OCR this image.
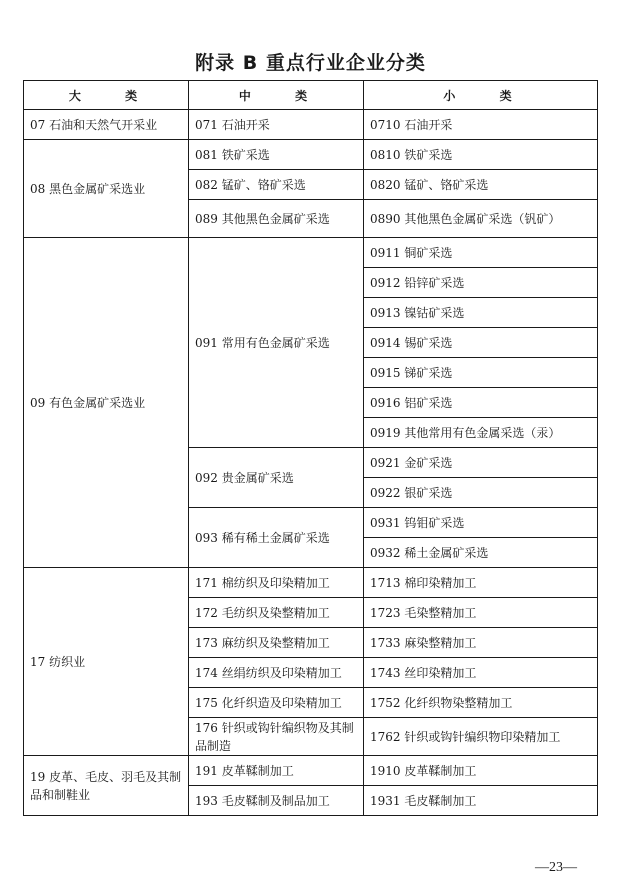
附录 B 重点行业企业分类
大 类	中 类	小 类
07 石油和天然气开采业	071 石油开采	0710 石油开采
08 黑色金属矿采选业	081 铁矿采选	0810 铁矿采选
	082 锰矿、铬矿采选	0820 锰矿、铬矿采选
	089 其他黑色金属矿采选	0890 其他黑色金属矿采选（钒矿）
09 有色金属矿采选业	091 常用有色金属矿采选	0911 铜矿采选
		0912 铅锌矿采选
		0913 镍钴矿采选
		0914 锡矿采选
		0915 锑矿采选
		0916 铝矿采选
		0919 其他常用有色金属采选（汞）
	092 贵金属矿采选	0921 金矿采选
		0922 银矿采选
	093 稀有稀土金属矿采选	0931 钨钼矿采选
		0932 稀土金属矿采选
17 纺织业	171 棉纺织及印染精加工	1713 棉印染精加工
	172 毛纺织及染整精加工	1723 毛染整精加工
	173 麻纺织及染整精加工	1733 麻染整精加工
	174 丝绢纺织及印染精加工	1743 丝印染精加工
	175 化纤织造及印染精加工	1752 化纤织物染整精加工
	176 针织或钩针编织物及其制品制造	1762 针织或钩针编织物印染精加工
19 皮革、毛皮、羽毛及其制品和制鞋业	191 皮革鞣制加工	1910 皮革鞣制加工
	193 毛皮鞣制及制品加工	1931 毛皮鞣制加工
—23—
